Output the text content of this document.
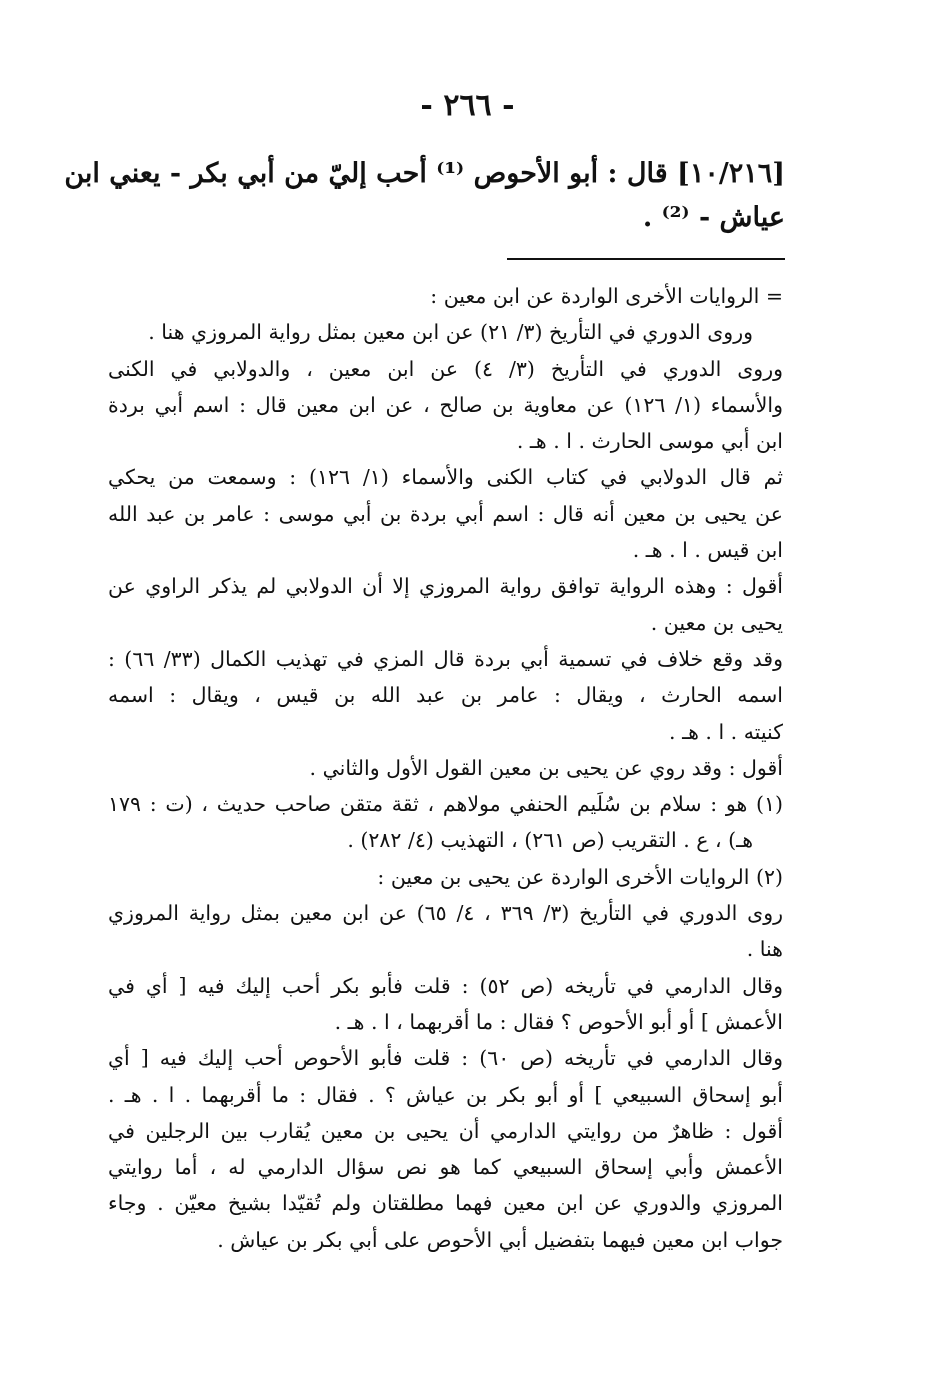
- ٢٦٦ -
[١٠/٢١٦] قال : أبو الأحوص ⁽¹⁾ أحب إليّ من أبي بكر - يعني ابن
عياش - ⁽²⁾ .
= الروايات الأخرى الواردة عن ابن معين :
وروى الدوري في التأريخ (٣/ ٢١) عن ابن معين بمثل رواية المروزي هنا .
وروى الدوري في التأريخ (٣/ ٤) عن ابن معين ، والدولابي في الكنى
والأسماء (١/ ١٢٦) عن معاوية بن صالح ، عن ابن معين قال : اسم أبي بردة
ابن أبي موسى الحارث . ا . هـ .
ثم قال الدولابي في كتاب الكنى والأسماء (١/ ١٢٦) : وسمعت من يحكي
عن يحيى بن معين أنه قال : اسم أبي بردة بن أبي موسى : عامر بن عبد الله
ابن قيس . ا . هـ .
أقول : وهذه الرواية توافق رواية المروزي إلا أن الدولابي لم يذكر الراوي عن
يحيى بن معين .
وقد وقع خلاف في تسمية أبي بردة قال المزي في تهذيب الكمال (٣٣/ ٦٦) :
اسمه الحارث ، ويقال : عامر بن عبد الله بن قيس ، ويقال : اسمه
كنيته . ا . هـ .
أقول : وقد روي عن يحيى بن معين القول الأول والثاني .
(١) هو : سلام بن سُلَيم الحنفي مولاهم ، ثقة متقن صاحب حديث ، (ت : ١٧٩
هـ) ، ع . التقريب (ص ٢٦١) ، التهذيب (٤/ ٢٨٢) .
(٢) الروايات الأخرى الواردة عن يحيى بن معين :
روى الدوري في التأريخ (٣/ ٣٦٩ ، ٤/ ٦٥) عن ابن معين بمثل رواية المروزي
هنا .
وقال الدارمي في تأريخه (ص ٥٢) : قلت فأبو بكر أحب إليك فيه [ أي في
الأعمش ] أو أبو الأحوص ؟ فقال : ما أقربهما ، ا . هـ .
وقال الدارمي في تأريخه (ص ٦٠) : قلت فأبو الأحوص أحب إليك فيه [ أي
أبو إسحاق السبيعي ] أو أبو بكر بن عياش ؟ . فقال : ما أقربهما . ا . هـ .
أقول : ظاهرٌ من روايتي الدارمي أن يحيى بن معين يُقارب بين الرجلين في
الأعمش وأبي إسحاق السبيعي كما هو نص سؤال الدارمي له ، أما روايتي
المروزي والدوري عن ابن معين فهما مطلقتان ولم تُقيّدا بشيخ معيّن . وجاء
جواب ابن معين فيهما بتفضيل أبي الأحوص على أبي بكر بن عياش .
